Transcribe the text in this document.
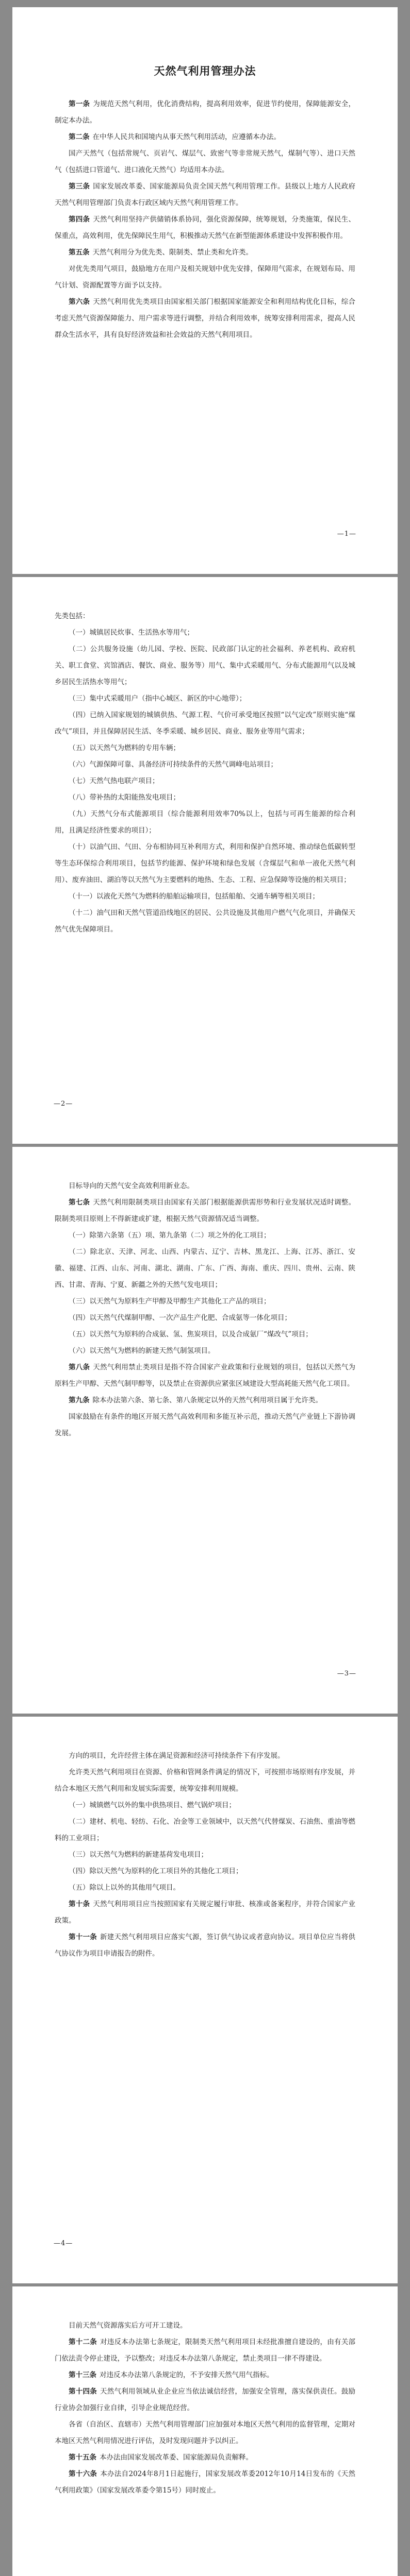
天然气利用管理办法

第一条 为规范天然气利用，优化消费结构，提高利用效率，促进节约使用，保障能源安全，制定本办法。

第二条 在中华人民共和国境内从事天然气利用活动，应遵循本办法。

国产天然气（包括常规气、页岩气、煤层气、致密气等非常规天然气，煤制气等）、进口天然气（包括进口管道气、进口液化天然气）均适用本办法。

第三条 国家发展改革委、国家能源局负责全国天然气利用管理工作。县级以上地方人民政府天然气利用管理部门负责本行政区域内天然气利用管理工作。

第四条 天然气利用坚持产供储销体系协同，强化资源保障，统筹规划，分类施策，保民生、保重点，高效利用，优先保障民生用气，积极推动天然气在新型能源体系建设中发挥积极作用。

第五条 天然气利用分为优先类、限制类、禁止类和允许类。

对优先类用气项目，鼓励地方在用户及相关规划中优先安排，保障用气需求，在规划布局、用气计划、资源配置等方面予以支持。

第六条 天然气利用优先类项目由国家相关部门根据国家能源安全和利用结构优化目标，综合考虑天然气资源保障能力、用户需求等进行调整，并结合利用效率，统筹安排利用需求，提高人民群众生活水平，具有良好经济效益和社会效益的天然气利用项目。

—1—

先类包括：

（一）城镇居民炊事、生活热水等用气；

（二）公共服务设施（幼儿园、学校、医院、民政部门认定的社会福利、养老机构、政府机关、职工食堂、宾馆酒店、餐饮、商业、服务等）用气、集中式采暖用气、分布式能源用气以及城乡居民生活热水等用气；

（三）集中式采暖用户（指中心城区、新区的中心地带）；

（四）已纳入国家规划的城镇供热、气源工程、气价可承受地区按照“以气定改”原则实施“煤改气”项目，并且保障居民生活、冬季采暖、城乡居民、商业、服务业等用气需求；

（五）以天然气为燃料的专用车辆；

（六）气源保障可靠、具备经济可持续条件的天然气调峰电站项目；

（七）天然气热电联产项目；

（八）带补热的太阳能热发电项目；

（九）天然气分布式能源项目（综合能源利用效率70%以上，包括与可再生能源的综合利用，且满足经济性要求的项目）；

（十）以油气田、气田、分布相协同互补利用方式，利用和保护自然环境、推动绿色低碳转型等生态环保综合利用项目，包括节约能源、保护环境和绿色发展（含煤层气和单一液化天然气利用）、废弃油田、湖泊等以天然气为主要燃料的地热、生态、工程、应急保障等设施的相关项目；

（十一）以液化天然气为燃料的船舶运输项目，包括船舶、交通车辆等相关项目；

（十二）油气田和天然气管道沿线地区的居民、公共设施及其他用户燃气气化项目，并确保天然气优先保障项目。

—2—

目标导向的天然气安全高效利用新业态。

第七条 天然气利用限制类项目由国家有关部门根据能源供需形势和行业发展状况适时调整。限制类项目原则上不得新建或扩建，根据天然气资源情况适当调整。

（一）除第六条第（五）项、第九条第（二）项之外的化工项目；

（二）除北京、天津、河北、山西、内蒙古、辽宁、吉林、黑龙江、上海、江苏、浙江、安徽、福建、江西、山东、河南、湖北、湖南、广东、广西、海南、重庆、四川、贵州、云南、陕西、甘肃、青海、宁夏、新疆之外的天然气发电项目；

（三）以天然气为原料生产甲醇及甲醇生产其他化工产品的项目；

（四）以天然气代煤制甲醇、一次产品生产化肥、合成氨等一体化项目；

（五）以天然气为原料的合成氨、氢、焦炭项目，以及合成氨厂“煤改气”项目；

（六）以天然气为燃料的新建天然气制氢项目。

第八条 天然气利用禁止类项目是指不符合国家产业政策和行业规划的项目，包括以天然气为原料生产甲醇、天然气制甲醇等，以及禁止在资源供应紧张区域建设大型高耗能天然气化工项目。

第九条 除本办法第六条、第七条、第八条规定以外的天然气利用项目属于允许类。

国家鼓励在有条件的地区开展天然气高效利用和多能互补示范，推动天然气产业链上下游协调发展。

—3—

方向的项目，允许经营主体在满足资源和经济可持续条件下有序发展。

允许类天然气利用项目在资源、价格和管网条件满足的情况下，可按照市场原则有序发展，并结合本地区天然气利用和发展实际需要，统筹安排利用规模。

（一）城镇燃气以外的集中供热项目、燃气锅炉项目；

（二）建材、机电、轻纺、石化、冶金等工业领域中，以天然气代替煤炭、石油焦、重油等燃料的工业项目；

（三）以天然气为燃料的新建基荷发电项目；

（四）除以天然气为原料的化工项目外的其他化工项目；

（五）除以上以外的其他用气项目。

第十条 天然气利用项目应当按照国家有关规定履行审批、核准或备案程序，并符合国家产业政策。

第十一条 新建天然气利用项目应落实气源，签订供气协议或者意向协议。项目单位应当将供气协议作为项目申请报告的附件。

—4—

目前天然气资源落实后方可开工建设。

第十二条 对违反本办法第七条规定，限制类天然气利用项目未经批准擅自建设的，由有关部门依法责令停止建设，予以整改；对违反本办法第八条规定，禁止类项目一律不得建设。

第十三条 对违反本办法第八条规定的，不予安排天然气用气指标。

第十四条 天然气利用领域从业企业应当依法诚信经营，加强安全管理，落实保供责任。鼓励行业协会加强行业自律，引导企业规范经营。

各省（自治区、直辖市）天然气利用管理部门应加强对本地区天然气利用的监督管理，定期对本地区天然气利用情况进行评估，及时发现问题并予以纠正。

第十五条 本办法由国家发展改革委、国家能源局负责解释。

第十六条 本办法自2024年8月1日起施行，国家发展改革委2012年10月14日发布的《天然气利用政策》（国家发展改革委令第15号）同时废止。
